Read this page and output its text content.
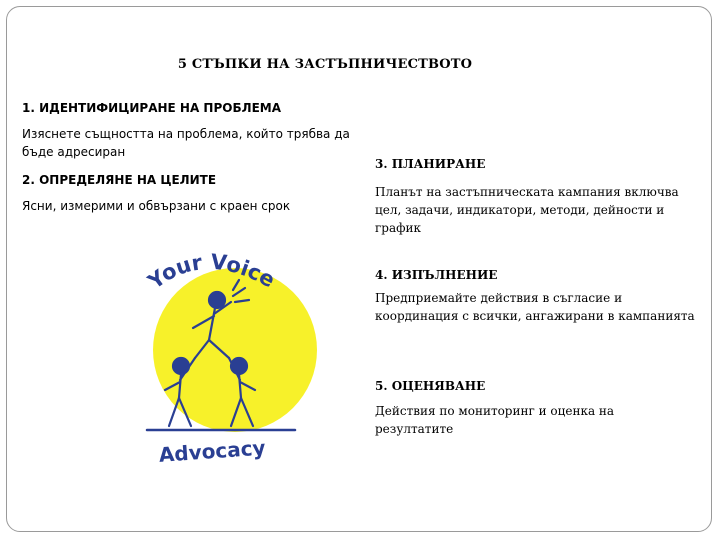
5 СТЪПКИ НА ЗАСТЪПНИЧЕСТВОТО
1. ИДЕНТИФИЦИРАНЕ НА ПРОБЛЕМА
Изяснете същността на проблема, който трябва да бъде адресиран
2. ОПРЕДЕЛЯНЕ НА ЦЕЛИТЕ
Ясни, измерими и обвързани с краен срок
3. ПЛАНИРАНЕ
Планът на застъпническата кампания включва цел, задачи, индикатори, методи, дейности и график
4. ИЗПЪЛНЕНИЕ
Предприемайте действия в съгласие и координация с всички, ангажирани в кампанията
5. ОЦЕНЯВАНЕ
Действия по мониторинг и оценка на резултатите
Your Voice
Advocacy
